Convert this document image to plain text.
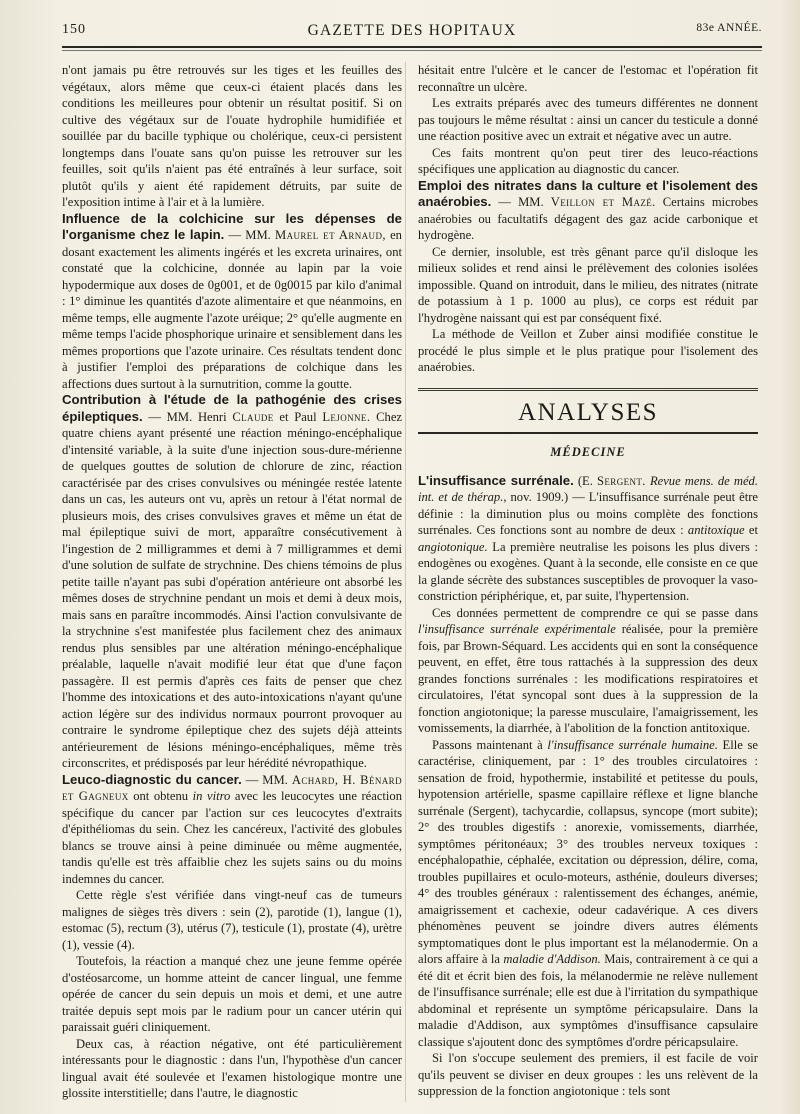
150	GAZETTE DES HOPITAUX	83e ANNÉE.

n'ont jamais pu être retrouvés sur les tiges et les feuilles des végétaux, alors même que ceux-ci étaient placés dans les conditions les meilleures pour obtenir un résultat positif. Si on cultive des végétaux sur de l'ouate hydrophile humidifiée et souillée par du bacille typhique ou cholérique, ceux-ci persistent longtemps dans l'ouate sans qu'on puisse les retrouver sur les feuilles, soit qu'ils n'aient pas été entraînés à leur surface, soit plutôt qu'ils y aient été rapidement détruits, par suite de l'exposition intime à l'air et à la lumière.

Influence de la colchicine sur les dépenses de l'organisme chez le lapin. — MM. Maurel et Arnaud, en dosant exactement les aliments ingérés et les excreta urinaires, ont constaté que la colchicine, donnée au lapin par la voie hypodermique aux doses de 0g001, et de 0g0015 par kilo d'animal : 1° diminue les quantités d'azote alimentaire et que néanmoins, en même temps, elle augmente l'azote uréique; 2° qu'elle augmente en même temps l'acide phosphorique urinaire et sensiblement dans les mêmes proportions que l'azote urinaire. Ces résultats tendent donc à justifier l'emploi des préparations de colchique dans les affections dues surtout à la surnutrition, comme la goutte.

Contribution à l'étude de la pathogénie des crises épileptiques. — MM. Henri Claude et Paul Lejonne. Chez quatre chiens ayant présenté une réaction méningo-encéphalique d'intensité variable, à la suite d'une injection sous-dure-mérienne de quelques gouttes de solution de chlorure de zinc, réaction caractérisée par des crises convulsives ou méningée restée latente dans un cas, les auteurs ont vu, après un retour à l'état normal de plusieurs mois, des crises convulsives graves et même un état de mal épileptique suivi de mort, apparaître consécutivement à l'ingestion de 2 milligrammes et demi à 7 milligrammes et demi d'une solution de sulfate de strychnine. Des chiens témoins de plus petite taille n'ayant pas subi d'opération antérieure ont absorbé les mêmes doses de strychnine pendant un mois et demi à deux mois, mais sans en paraître incommodés. Ainsi l'action convulsivante de la strychnine s'est manifestée plus facilement chez des animaux rendus plus sensibles par une altération méningo-encéphalique préalable, laquelle n'avait modifié leur état que d'une façon passagère. Il est permis d'après ces faits de penser que chez l'homme des intoxications et des auto-intoxications n'ayant qu'une action légère sur des individus normaux pourront provoquer au contraire le syndrome épileptique chez des sujets déjà atteints antérieurement de lésions méningo-encéphaliques, même très circonscrites, et prédisposés par leur hérédité névropathique.

Leuco-diagnostic du cancer. — MM. Achard, H. Bénard et Gagneux ont obtenu in vitro avec les leucocytes une réaction spécifique du cancer par l'action sur ces leucocytes d'extraits d'épithéliomas du sein. Chez les cancéreux, l'activité des globules blancs se trouve ainsi à peine diminuée ou même augmentée, tandis qu'elle est très affaiblie chez les sujets sains ou du moins indemnes du cancer.

Cette règle s'est vérifiée dans vingt-neuf cas de tumeurs malignes de sièges très divers : sein (2), parotide (1), langue (1), estomac (5), rectum (3), utérus (7), testicule (1), prostate (4), urètre (1), vessie (4).

Toutefois, la réaction a manqué chez une jeune femme opérée d'ostéosarcome, un homme atteint de cancer lingual, une femme opérée de cancer du sein depuis un mois et demi, et une autre traitée depuis sept mois par le radium pour un cancer utérin qui paraissait guéri cliniquement.

Deux cas, à réaction négative, ont été particulièrement intéressants pour le diagnostic : dans l'un, l'hypothèse d'un cancer lingual avait été soulevée et l'examen histologique montre une glossite interstitielle; dans l'autre, le diagnostic

hésitait entre l'ulcère et le cancer de l'estomac et l'opération fit reconnaître un ulcère.

Les extraits préparés avec des tumeurs différentes ne donnent pas toujours le même résultat : ainsi un cancer du testicule a donné une réaction positive avec un extrait et négative avec un autre.

Ces faits montrent qu'on peut tirer des leuco-réactions spécifiques une application au diagnostic du cancer.

Emploi des nitrates dans la culture et l'isolement des anaérobies. — MM. Veillon et Mazé. Certains microbes anaérobies ou facultatifs dégagent des gaz acide carbonique et hydrogène.

Ce dernier, insoluble, est très gênant parce qu'il disloque les milieux solides et rend ainsi le prélèvement des colonies isolées impossible. Quand on introduit, dans le milieu, des nitrates (nitrate de potassium à 1 p. 1000 au plus), ce corps est réduit par l'hydrogène naissant qui est par conséquent fixé.

La méthode de Veillon et Zuber ainsi modifiée constitue le procédé le plus simple et le plus pratique pour l'isolement des anaérobies.

ANALYSES
MÉDECINE

L'insuffisance surrénale. (E. Sergent. Revue mens. de méd. int. et de thérap., nov. 1909.) — L'insuffisance surrénale peut être définie : la diminution plus ou moins complète des fonctions surrénales. Ces fonctions sont au nombre de deux : antitoxique et angiotonique. La première neutralise les poisons les plus divers : endogènes ou exogènes. Quant à la seconde, elle consiste en ce que la glande sécrète des substances susceptibles de provoquer la vaso-constriction périphérique, et, par suite, l'hypertension.

Ces données permettent de comprendre ce qui se passe dans l'insuffisance surrénale expérimentale réalisée, pour la première fois, par Brown-Séquard. Les accidents qui en sont la conséquence peuvent, en effet, être tous rattachés à la suppression des deux grandes fonctions surrénales : les modifications respiratoires et circulatoires, l'état syncopal sont dues à la suppression de la fonction angiotonique; la paresse musculaire, l'amaigrissement, les vomissements, la diarrhée, à l'abolition de la fonction antitoxique.

Passons maintenant à l'insuffisance surrénale humaine. Elle se caractérise, cliniquement, par : 1° des troubles circulatoires : sensation de froid, hypothermie, instabilité et petitesse du pouls, hypotension artérielle, spasme capillaire réflexe et ligne blanche surrénale (Sergent), tachycardie, collapsus, syncope (mort subite); 2° des troubles digestifs : anorexie, vomissements, diarrhée, symptômes péritonéaux; 3° des troubles nerveux toxiques : encéphalopathie, céphalée, excitation ou dépression, délire, coma, troubles pupillaires et oculo-moteurs, asthénie, douleurs diverses; 4° des troubles généraux : ralentissement des échanges, anémie, amaigrissement et cachexie, odeur cadavérique. A ces divers phénomènes peuvent se joindre divers autres éléments symptomatiques dont le plus important est la mélanodermie. On a alors affaire à la maladie d'Addison. Mais, contrairement à ce qui a été dit et écrit bien des fois, la mélanodermie ne relève nullement de l'insuffisance surrénale; elle est due à l'irritation du sympathique abdominal et représente un symptôme péricapsulaire. Dans la maladie d'Addison, aux symptômes d'insuffisance capsulaire classique s'ajoutent donc des symptômes d'ordre péricapsulaire.

Si l'on s'occupe seulement des premiers, il est facile de voir qu'ils peuvent se diviser en deux groupes : les uns relèvent de la suppression de la fonction angiotonique : tels sont
